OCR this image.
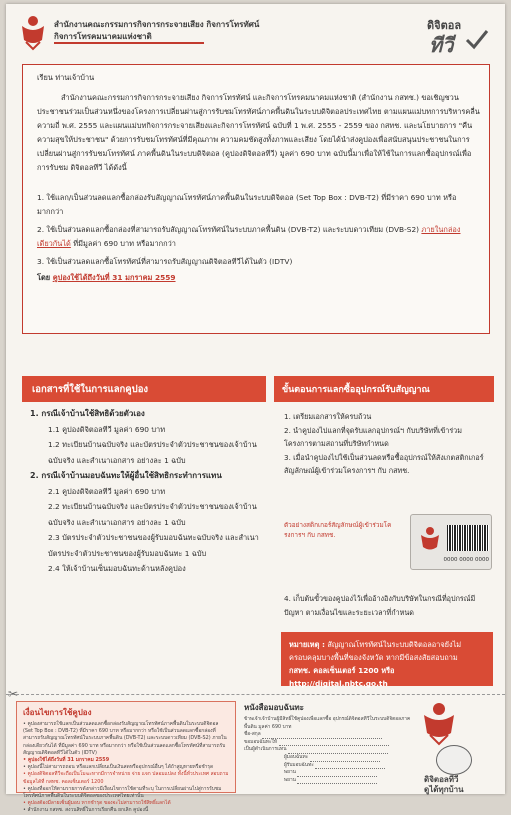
สำนักงานคณะกรรมการกิจการกระจายเสียง กิจการโทรทัศน์
กิจการโทรคมนาคมแห่งชาติ
ดิจิตอล
ทีวี

เรียน ท่านเจ้าบ้าน

สำนักงานคณะกรรมการกิจการกระจายเสียง กิจการโทรทัศน์ และกิจการโทรคมนาคมแห่งชาติ (สำนักงาน กสทช.) ขอเชิญชวนประชาชนร่วมเป็นส่วนหนึ่งของโครงการเปลี่ยนผ่านสู่การรับชมโทรทัศน์ภาคพื้นดินในระบบดิจิตอลประเทศไทย ตามแผนแม่บทการบริหารคลื่นความถี่ พ.ศ. 2555 และแผนแม่บทกิจการกระจายเสียงและกิจการโทรทัศน์ ฉบับที่ 1 พ.ศ. 2555 - 2559 ของ กสทช. และนโยบายการ "คืนความสุขให้ประชาชน" ด้วยการรับชมโทรทัศน์ที่มีคุณภาพ ความคมชัดสูงทั้งภาพและเสียง โดยได้นำส่งคูปองเพื่อสนับสนุนประชาชนในการเปลี่ยนผ่านสู่การรับชมโทรทัศน์ ภาคพื้นดินในระบบดิจิตอล (คูปองดิจิตอลทีวี) มูลค่า 690 บาท ฉบับนี้มาเพื่อให้ใช้ในการแลกซื้ออุปกรณ์เพื่อการรับชม ดิจิตอลทีวี ได้ดังนี้

1. ใช้แลก/เป็นส่วนลดแลกซื้อกล่องรับสัญญาณโทรทัศน์ภาคพื้นดินในระบบดิจิตอล (Set Top Box : DVB-T2) ที่มีราคา 690 บาท หรือมากกว่า

2. ใช้เป็นส่วนลดแลกซื้อกล่องที่สามารถรับสัญญาณโทรทัศน์ในระบบภาคพื้นดิน (DVB-T2) และระบบดาวเทียม (DVB-S2) ภายในกล่องเดียวกันได้ ที่มีมูลค่า 690 บาท หรือมากกว่า

3. ใช้เป็นส่วนลดแลกซื้อโทรทัศน์ที่สามารถรับสัญญาณดิจิตอลทีวีได้ในตัว (IDTV)

โดย คูปองใช้ได้ถึงวันที่ 31 มกราคม 2559

เอกสารที่ใช้ในการแลกคูปอง

1. กรณีเจ้าบ้านใช้สิทธิด้วยตัวเอง

1.1 คูปองดิจิตอลทีวี มูลค่า 690 บาท

1.2 ทะเบียนบ้านฉบับจริง และบัตรประจำตัวประชาชนของเจ้าบ้านฉบับจริง และสำเนาเอกสาร อย่างละ 1 ฉบับ

2. กรณีเจ้าบ้านมอบฉันทะให้ผู้อื่นใช้สิทธิกระทำการแทน

2.1 คูปองดิจิตอลทีวี มูลค่า 690 บาท

2.2 ทะเบียนบ้านฉบับจริง และบัตรประจำตัวประชาชนของเจ้าบ้านฉบับจริง และสำเนาเอกสาร อย่างละ 1 ฉบับ

2.3 บัตรประจำตัวประชาชนของผู้รับมอบฉันทะฉบับจริง และสำเนาบัตรประจำตัวประชาชนของผู้รับมอบฉันทะ 1 ฉบับ

2.4 ให้เจ้าบ้านเซ็นมอบฉันทะด้านหลังคูปอง

ขั้นตอนการแลกซื้ออุปกรณ์รับสัญญาณ

1. เตรียมเอกสารให้ครบถ้วน

2. นำคูปองไปแลกที่จุดรับแลกอุปกรณ์ฯ กับบริษัทที่เข้าร่วมโครงการตามสถานที่บริษัทกำหนด

3. เมื่อนำคูปองไปใช้เป็นส่วนลดหรือซื้ออุปกรณ์ให้สังเกตสติกเกอร์สัญลักษณ์ผู้เข้าร่วมโครงการฯ กับ กสทช.

ตัวอย่างสติกเกอร์สัญลักษณ์ผู้เข้าร่วมโครงการฯ กับ กสทช.
0000 0000 0000

4. เก็บต้นขั้วของคูปองไว้เพื่ออ้างอิงกับบริษัทในกรณีที่อุปกรณ์มีปัญหา ตามเงื่อนไขและระยะเวลาที่กำหนด

หมายเหตุ : สัญญาณโทรทัศน์ในระบบดิจิตอลอาจยังไม่ครอบคลุมบางพื้นที่ของจังหวัด หากมีข้อสงสัยสอบถาม

กสทช. คอลเซ็นเตอร์ 1200 หรือ http://digital.nbtc.go.th

✂
เงื่อนไขการใช้คูปอง

• คูปองสามารถใช้แลกเป็นส่วนลดแลกซื้อกล่องรับสัญญาณโทรทัศน์ภาคพื้นดินในระบบดิจิตอล (Set Top Box : DVB-T2) ที่มีราคา 690 บาท หรือมากกว่า หรือใช้เป็นส่วนลดแลกซื้อกล่องที่สามารถรับสัญญาณโทรทัศน์ในระบบภาคพื้นดิน (DVB-T2) และระบบดาวเทียม (DVB-S2) ภายในกล่องเดียวกันได้ ที่มีมูลค่า 690 บาท หรือมากกว่า หรือใช้เป็นส่วนลดแลกซื้อโทรทัศน์ที่สามารถรับสัญญาณดิจิตอลทีวีได้ในตัว (IDTV)

• คูปองใช้ได้ถึงวันที่ 31 มกราคม 2559

• คูปองนี้ไม่สามารถถอน หรือแลกเปลี่ยนเป็นเงินสดหรืออุปกรณ์อื่นๆ ได้ถ้าสูญหายหรือชำรุด

• คูปองดิจิตอลทีวีจะถือเป็นโมฆะหากมีการจำหน่าย จ่าย แจก ปลอมแปลง ทั้งนี้ทั่วประเทศ สอบถามข้อมูลได้ที่ กสทช. คอลเซ็นเตอร์ 1200

• คูปองที่ออกให้ตามรายการดังกล่าวมีเงื่อนไขการใช้ตามที่ระบุ ในการเปลี่ยนผ่านไปสู่การรับชมโทรทัศน์ภาคพื้นดินในระบบดิจิตอลของประเทศไทยเท่านั้น

• คูปองต้องมีลายเซ็นผู้มอบ หากชำรุด ของจะไม่สามารถใช้สิทธิ์แลกได้

• สำนักงาน กสทช. สงวนสิทธิ์ในการเรียกคืน ยกเลิก คูปองนี้

หนังสือมอบฉันทะ

ข้าพเจ้าเจ้าบ้านผู้มีสิทธิ์ใช้คูปองเพื่อแลกซื้อ อุปกรณ์ดิจิตอลทีวีในระบบดิจิตอลภาคพื้นดิน มูลค่า 690 บาท

ชื่อ-สกุล

ขอมอบฉันทะให้

เป็นผู้ดำเนินการแทน

ผู้มอบฉันทะ

ผู้รับมอบฉันทะ

พยาน

พยาน	ดิจิตอลทีวี
ดูได้ทุกบ้าน
